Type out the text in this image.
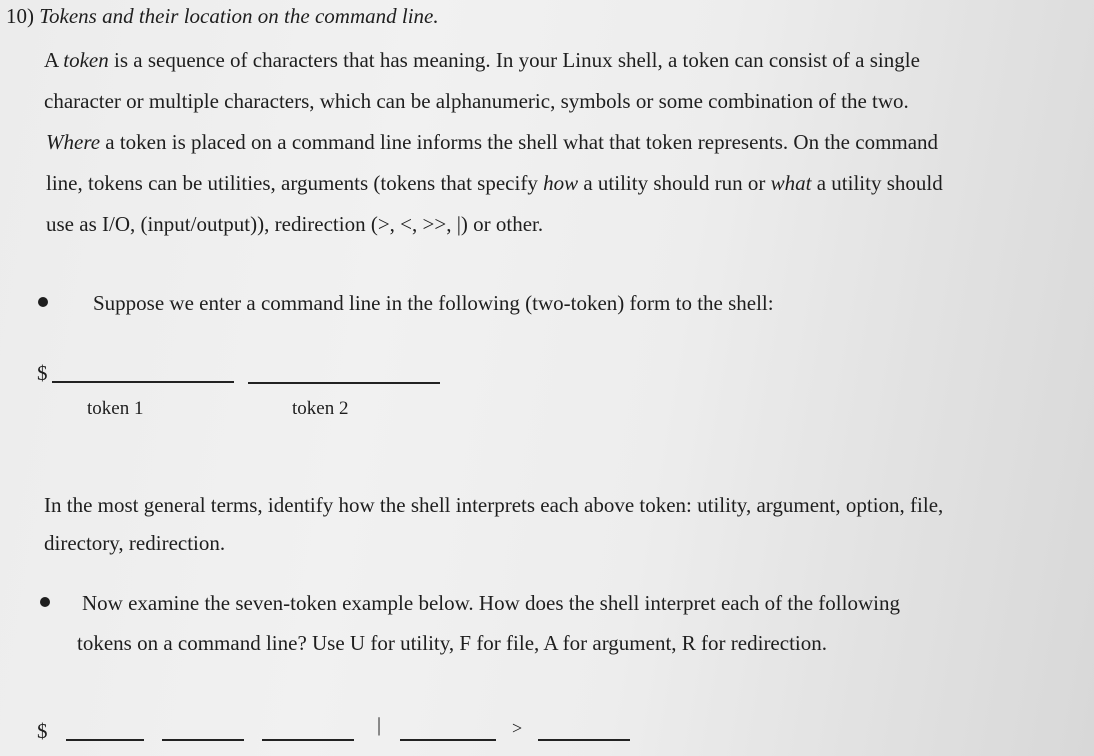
10) Tokens and their location on the command line.
A token is a sequence of characters that has meaning. In your Linux shell, a token can consist of a single
character or multiple characters, which can be alphanumeric, symbols or some combination of the two.
Where a token is placed on a command line informs the shell what that token represents. On the command
line, tokens can be utilities, arguments (tokens that specify how a utility should run or what a utility should
use as I/O, (input/output)), redirection (>, <, >>, |) or other.
Suppose we enter a command line in the following (two-token) form to the shell:
$
token 1	token 2
In the most general terms, identify how the shell interprets each above token: utility, argument, option, file,
directory, redirection.
Now examine the seven-token example below. How does the shell interpret each of the following
tokens on a command line? Use U for utility, F for file, A for argument, R for redirection.
$	|	>
